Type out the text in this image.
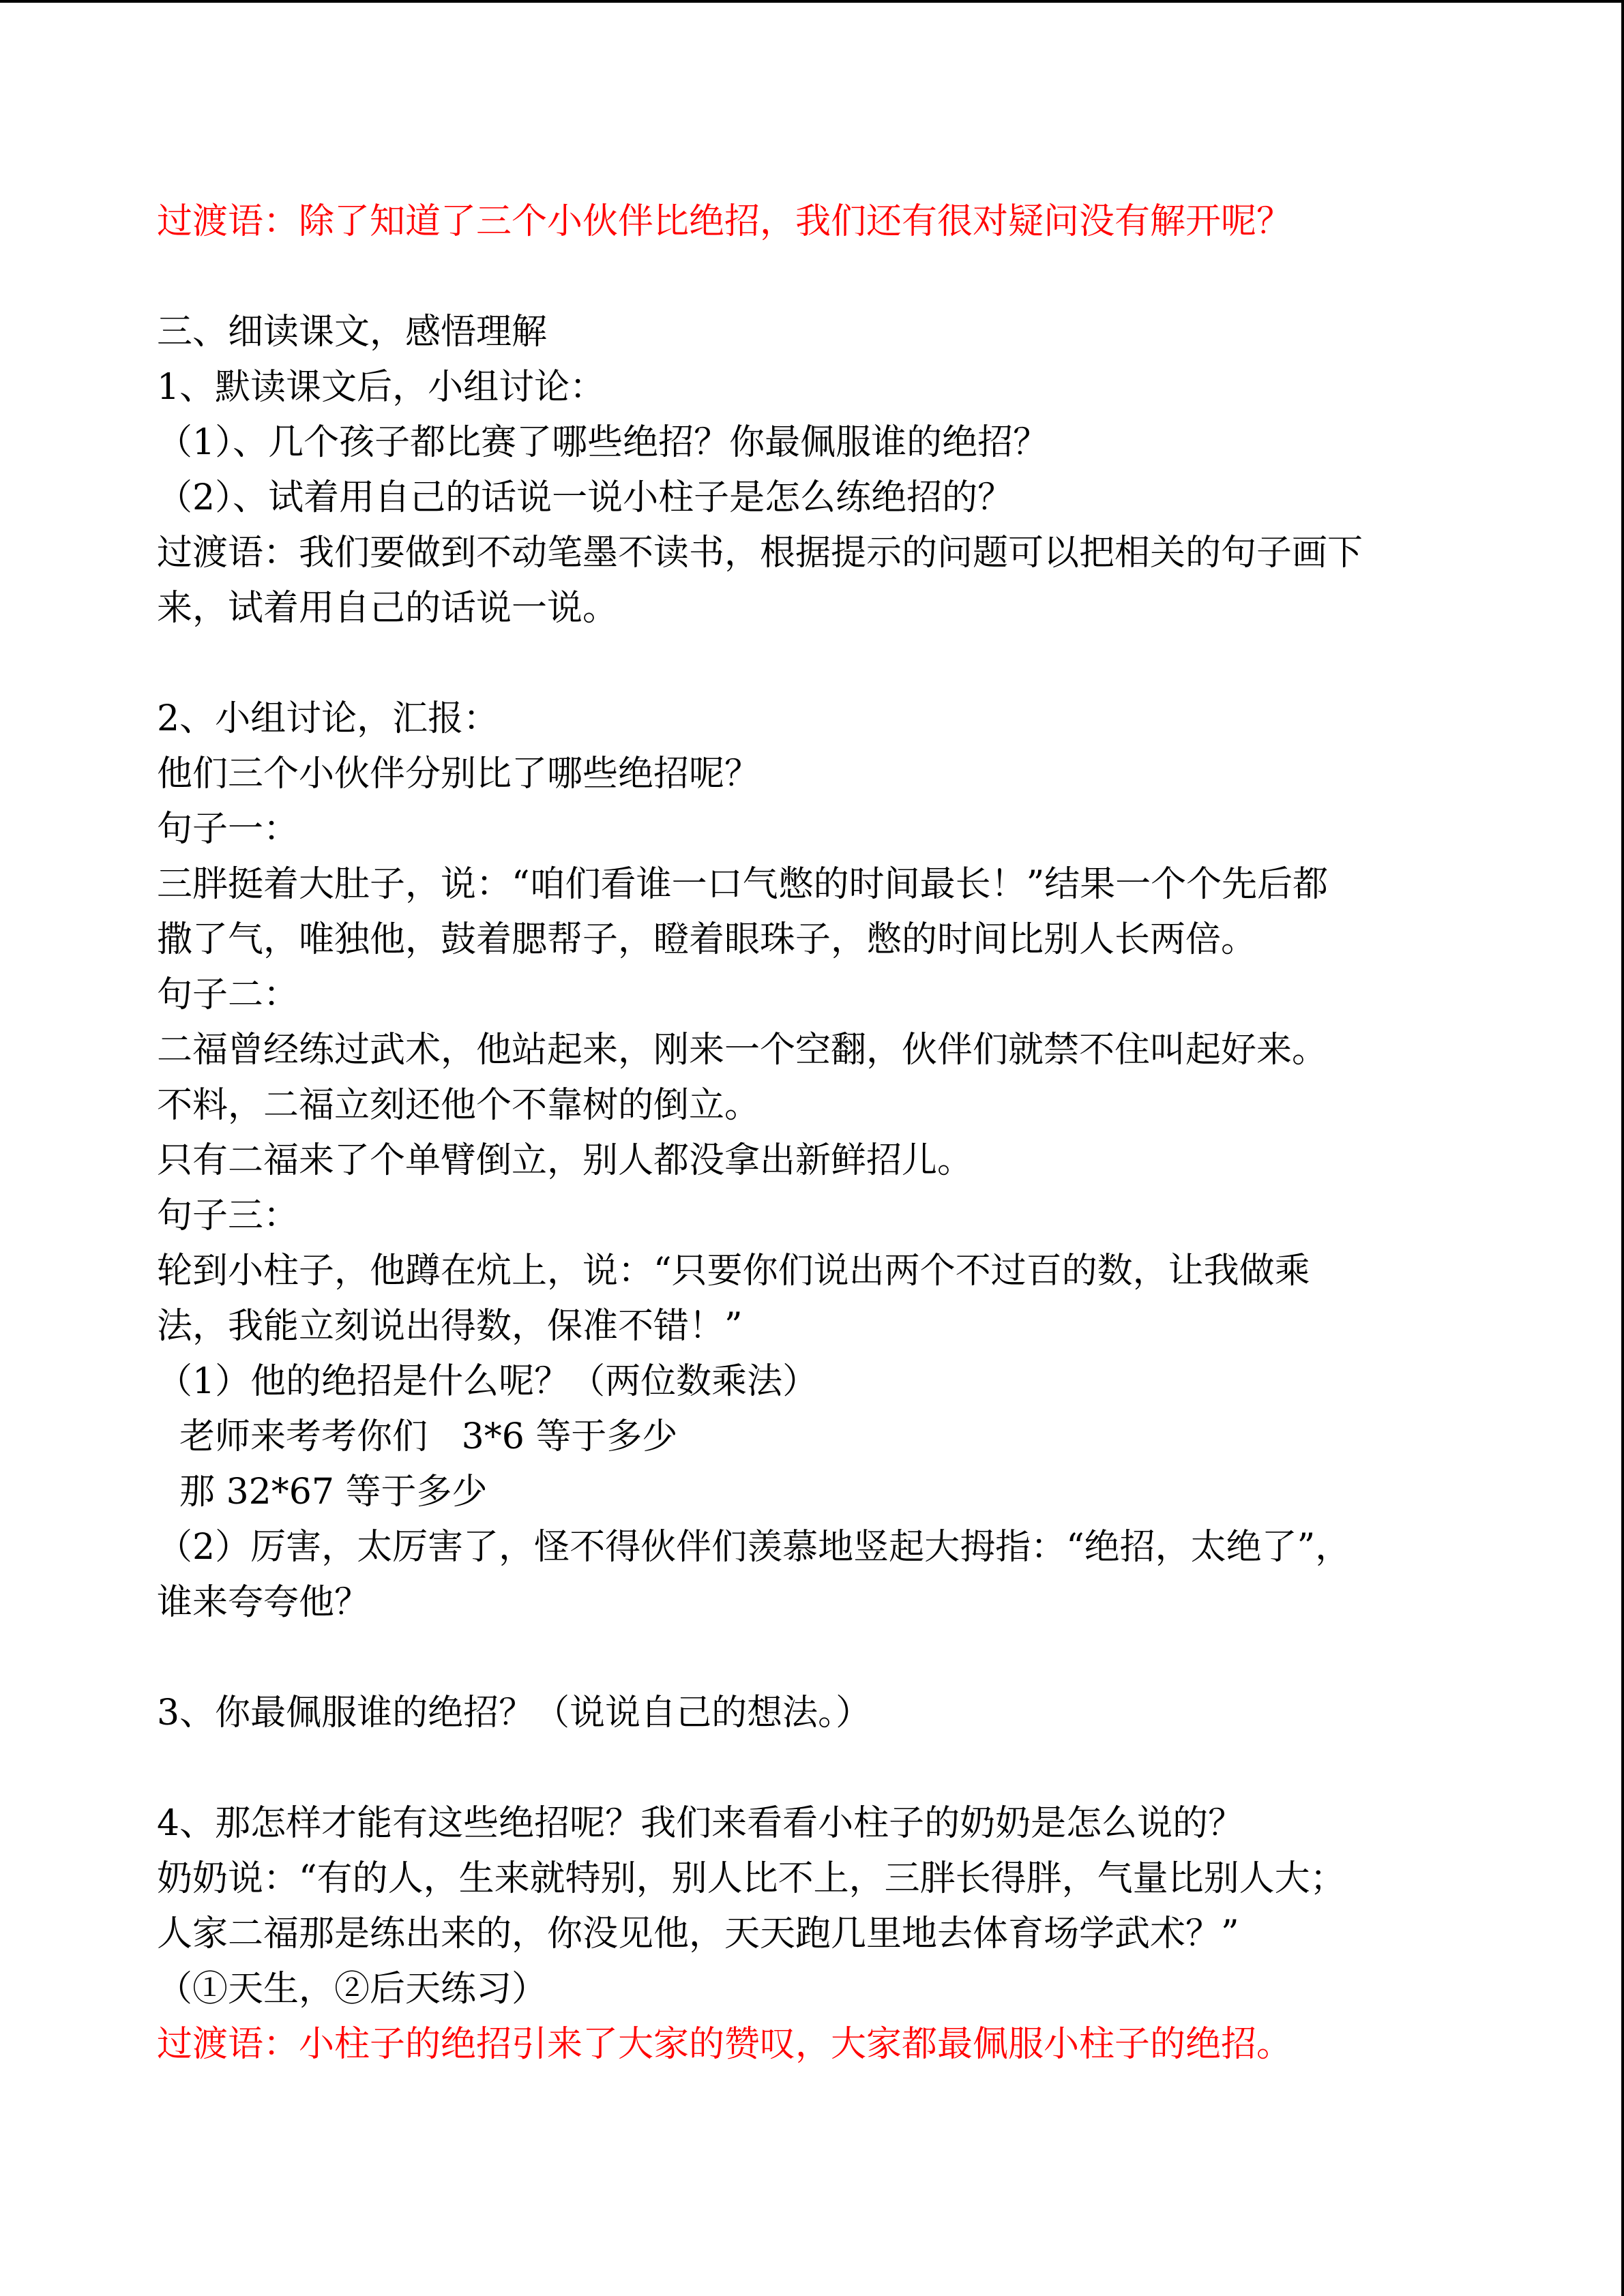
过渡语：除了知道了三个小伙伴比绝招，我们还有很对疑问没有解开呢？
三、细读课文，感悟理解
1、默读课文后，小组讨论：
（1）、几个孩子都比赛了哪些绝招？你最佩服谁的绝招？
（2）、试着用自己的话说一说小柱子是怎么练绝招的？
过渡语：我们要做到不动笔墨不读书，根据提示的问题可以把相关的句子画下
来，试着用自己的话说一说。
2、小组讨论，汇报：
他们三个小伙伴分别比了哪些绝招呢？
句子一：
三胖挺着大肚子，说：“咱们看谁一口气憋的时间最长！”结果一个个先后都
撒了气，唯独他，鼓着腮帮子，瞪着眼珠子，憋的时间比别人长两倍。
句子二：
二福曾经练过武术，他站起来，刚来一个空翻，伙伴们就禁不住叫起好来。
不料，二福立刻还他个不靠树的倒立。
只有二福来了个单臂倒立，别人都没拿出新鲜招儿。
句子三：
轮到小柱子，他蹲在炕上，说：“只要你们说出两个不过百的数，让我做乘
法，我能立刻说出得数，保准不错！”
（1）他的绝招是什么呢？（两位数乘法）
老师来考考你们   3*6 等于多少
那 32*67 等于多少
（2）厉害，太厉害了，怪不得伙伴们羡慕地竖起大拇指：“绝招，太绝了”，
谁来夸夸他？
3、你最佩服谁的绝招？（说说自己的想法。）
4、那怎样才能有这些绝招呢？我们来看看小柱子的奶奶是怎么说的？
奶奶说：“有的人，生来就特别，别人比不上，三胖长得胖，气量比别人大；
人家二福那是练出来的，你没见他，天天跑几里地去体育场学武术？”
（①天生，②后天练习）
过渡语：小柱子的绝招引来了大家的赞叹，大家都最佩服小柱子的绝招。
